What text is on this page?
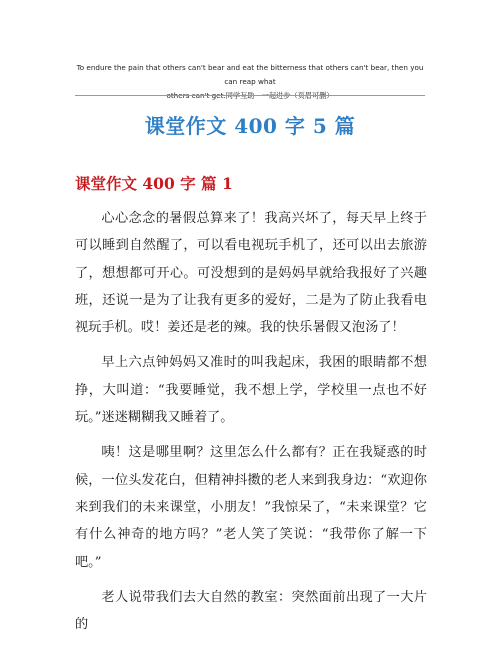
To endure the pain that others can't bear and eat the bitterness that others can't bear, then you can reap what
others can't get.同学互助　一起进步（页眉可删）
课堂作文 400 字 5 篇
课堂作文 400 字 篇 1

心心念念的暑假总算来了！我高兴坏了，每天早上终于可以睡到自然醒了，可以看电视玩手机了，还可以出去旅游了，想想都可开心。可没想到的是妈妈早就给我报好了兴趣班，还说一是为了让我有更多的爱好，二是为了防止我看电视玩手机。哎！姜还是老的辣。我的快乐暑假又泡汤了！

早上六点钟妈妈又准时的叫我起床，我困的眼睛都不想挣，大叫道：“我要睡觉，我不想上学，学校里一点也不好玩。”迷迷糊糊我又睡着了。

咦！这是哪里啊？这里怎么什么都有？正在我疑惑的时候，一位头发花白，但精神抖擞的老人来到我身边：“欢迎你来到我们的未来课堂，小朋友！”我惊呆了，“未来课堂？它有什么神奇的地方吗？”老人笑了笑说：“我带你了解一下吧。”

老人说带我们去大自然的教室：突然面前出现了一大片的
